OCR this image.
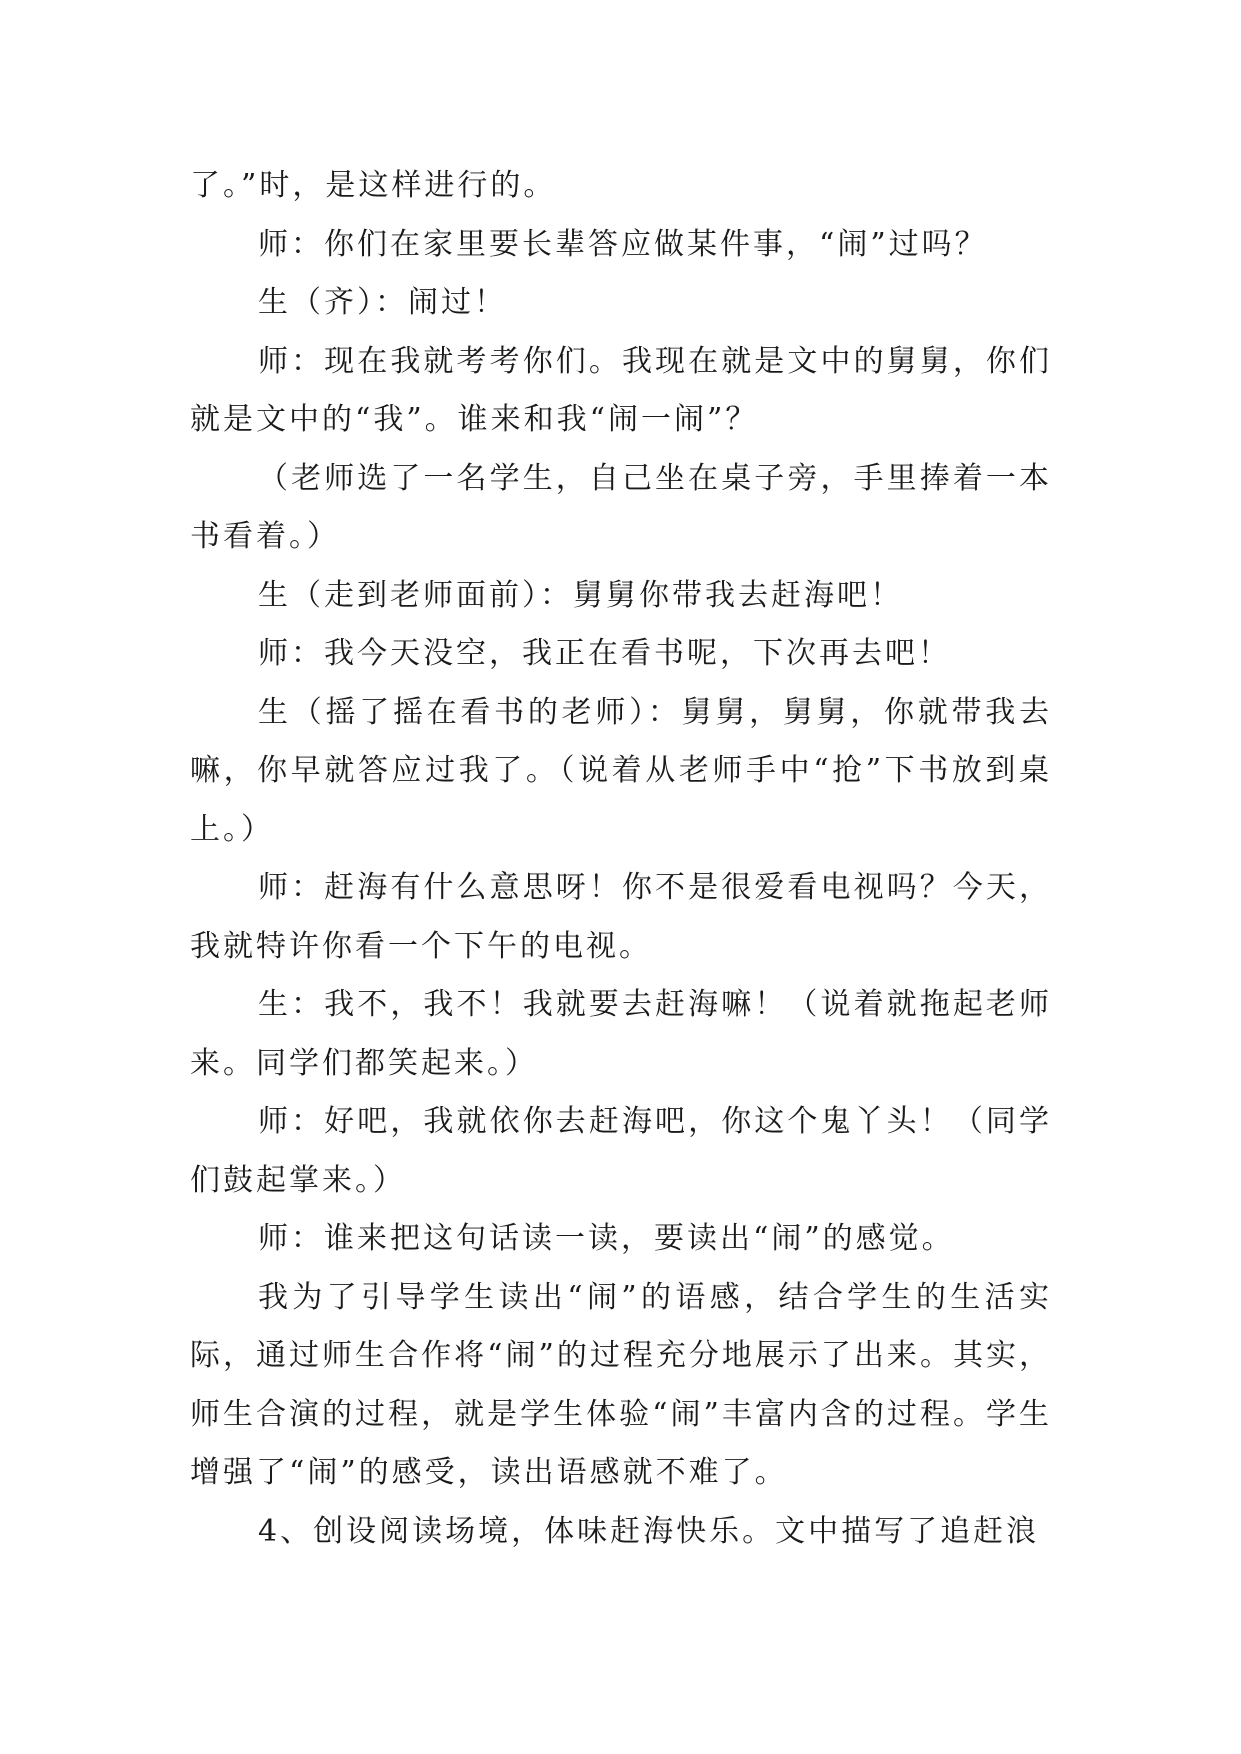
了。”时，是这样进行的。

师：你们在家里要长辈答应做某件事，“闹”过吗？

生（齐）：闹过！

师：现在我就考考你们。我现在就是文中的舅舅，你们就是文中的“我”。谁来和我“闹一闹”？

（老师选了一名学生，自己坐在桌子旁，手里捧着一本书看着。）

生（走到老师面前）：舅舅你带我去赶海吧！

师：我今天没空，我正在看书呢，下次再去吧！

生（摇了摇在看书的老师）：舅舅，舅舅，你就带我去嘛，你早就答应过我了。（说着从老师手中“抢”下书放到桌上。）

师：赶海有什么意思呀！你不是很爱看电视吗？今天，我就特许你看一个下午的电视。

生：我不，我不！我就要去赶海嘛！（说着就拖起老师来。同学们都笑起来。）

师：好吧，我就依你去赶海吧，你这个鬼丫头！（同学们鼓起掌来。）

师：谁来把这句话读一读，要读出“闹”的感觉。

我为了引导学生读出“闹”的语感，结合学生的生活实际，通过师生合作将“闹”的过程充分地展示了出来。其实，师生合演的过程，就是学生体验“闹”丰富内含的过程。学生增强了“闹”的感受，读出语感就不难了。

4、创设阅读场境，体味赶海快乐。文中描写了追赶浪
